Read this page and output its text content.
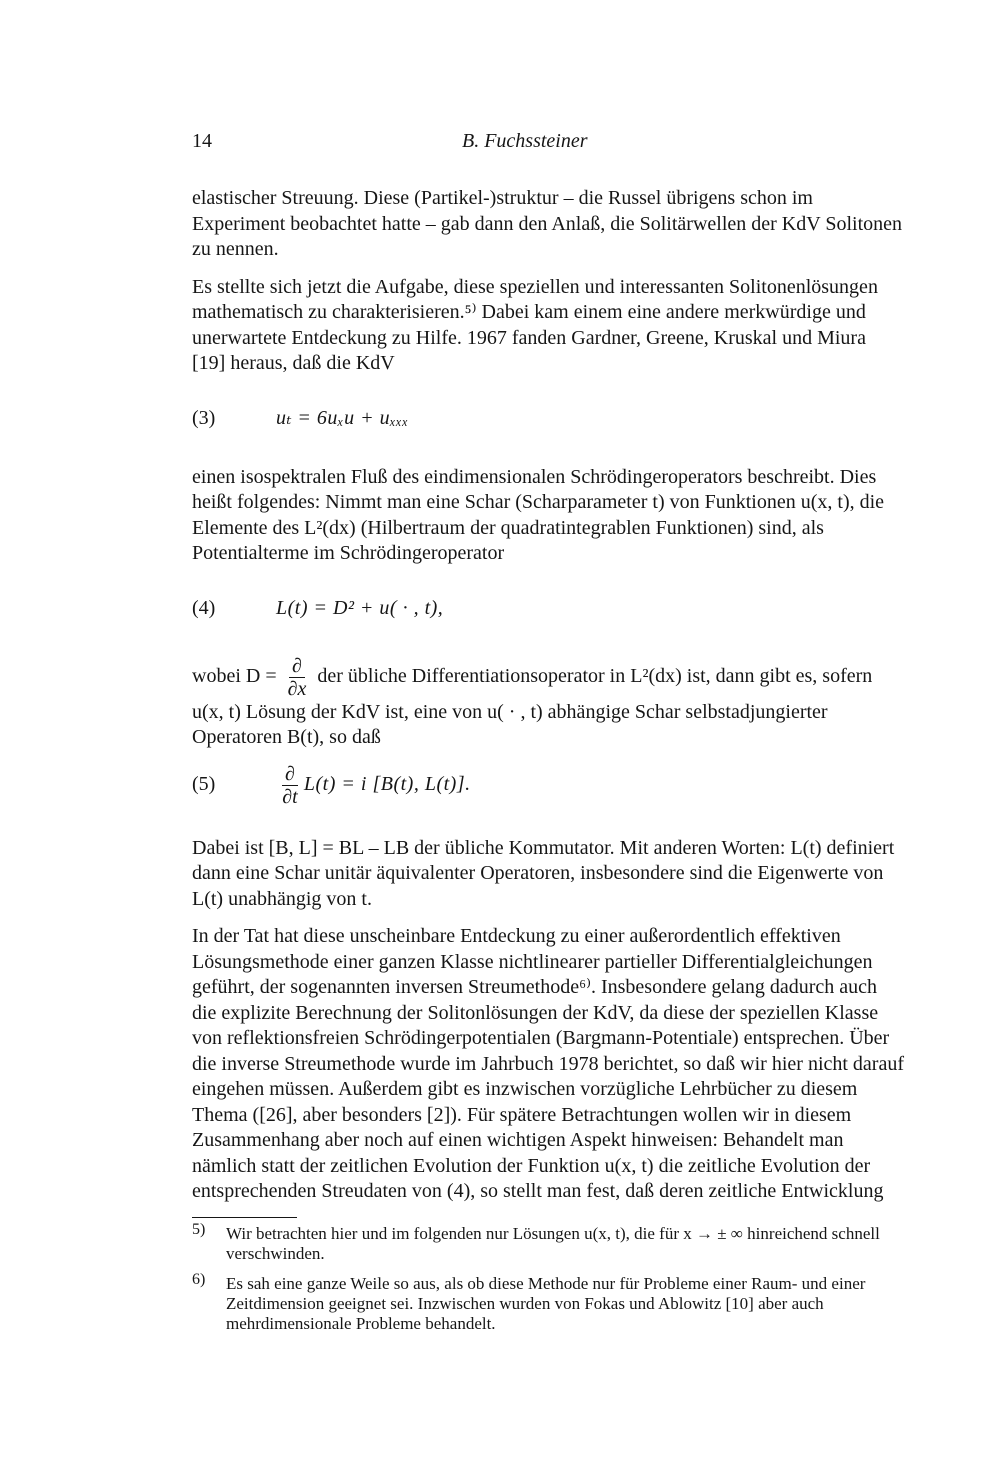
14	B. Fuchssteiner

elastischer Streuung. Diese (Partikel-)struktur – die Russel übrigens schon im Experiment beobachtet hatte – gab dann den Anlaß, die Solitärwellen der KdV Solitonen zu nennen.

Es stellte sich jetzt die Aufgabe, diese speziellen und interessanten Solitonenlösungen mathematisch zu charakterisieren.⁵⁾ Dabei kam einem eine andere merkwürdige und unerwartete Entdeckung zu Hilfe. 1967 fanden Gardner, Greene, Kruskal und Miura [19] heraus, daß die KdV

(3)	uₜ = 6uₓu + uₓₓₓ

einen isospektralen Fluß des eindimensionalen Schrödingeroperators beschreibt. Dies heißt folgendes: Nimmt man eine Schar (Scharparameter t) von Funktionen u(x, t), die Elemente des L²(dx) (Hilbertraum der quadratintegrablen Funktionen) sind, als Potentialterme im Schrödingeroperator

(4)	L(t) = D² + u( · , t),

wobei $D = \frac{\partial}{\partial x}$ der übliche Differentiationsoperator in L²(dx) ist, dann gibt es, sofern u(x, t) Lösung der KdV ist, eine von u( · , t) abhängige Schar selbstadjungierter Operatoren B(t), so daß

(5)	$\frac{\partial}{\partial t} L(t) = i$ [B(t), L(t)].

Dabei ist [B, L] = BL – LB der übliche Kommutator. Mit anderen Worten: L(t) definiert dann eine Schar unitär äquivalenter Operatoren, insbesondere sind die Eigenwerte von L(t) unabhängig von t.

In der Tat hat diese unscheinbare Entdeckung zu einer außerordentlich effektiven Lösungsmethode einer ganzen Klasse nichtlinearer partieller Differentialgleichungen geführt, der sogenannten inversen Streumethode⁶⁾. Insbesondere gelang dadurch auch die explizite Berechnung der Solitonlösungen der KdV, da diese der speziellen Klasse von reflektionsfreien Schrödingerpotentialen (Bargmann-Potentiale) entsprechen. Über die inverse Streumethode wurde im Jahrbuch 1978 berichtet, so daß wir hier nicht darauf eingehen müssen. Außerdem gibt es inzwischen vorzügliche Lehrbücher zu diesem Thema ([26], aber besonders [2]). Für spätere Betrachtungen wollen wir in diesem Zusammenhang aber noch auf einen wichtigen Aspekt hinweisen: Behandelt man nämlich statt der zeitlichen Evolution der Funktion u(x, t) die zeitliche Evolution der entsprechenden Streudaten von (4), so stellt man fest, daß deren zeitliche Entwicklung

5) Wir betrachten hier und im folgenden nur Lösungen u(x, t), die für x → ± ∞ hinreichend schnell verschwinden.
6) Es sah eine ganze Weile so aus, als ob diese Methode nur für Probleme einer Raum- und einer Zeitdimension geeignet sei. Inzwischen wurden von Fokas und Ablowitz [10] aber auch mehrdimensionale Probleme behandelt.
